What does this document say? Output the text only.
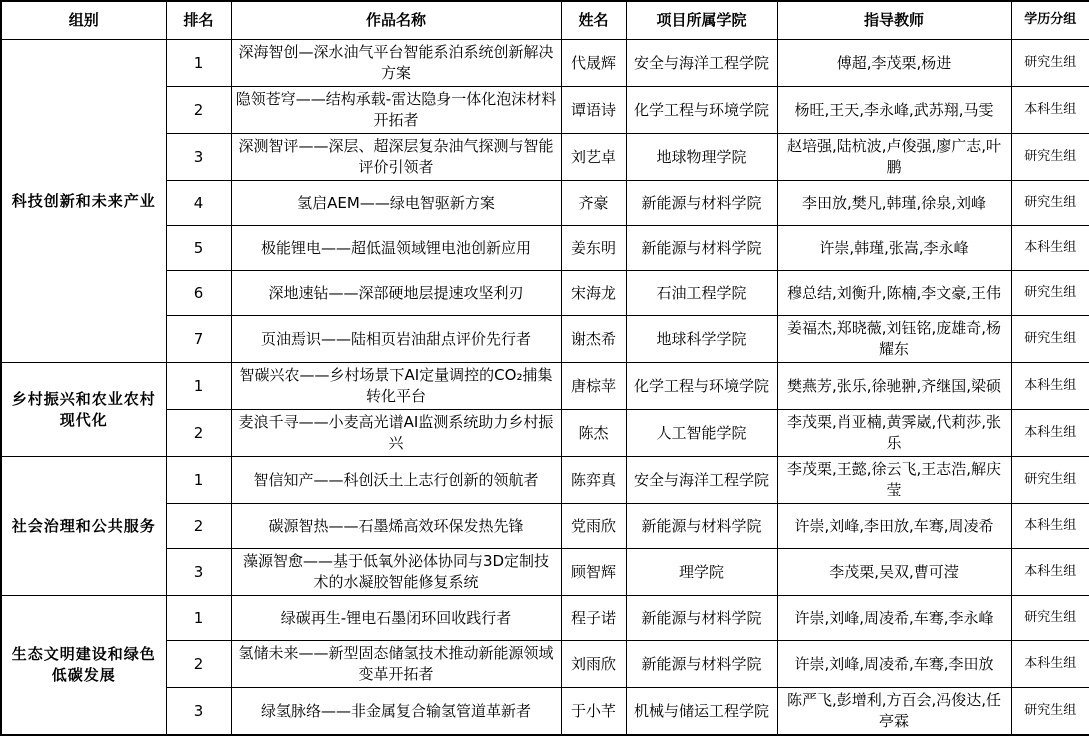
组别	排名	作品名称	姓名	项目所属学院	指导教师	学历分组
科技创新和未来产业	1	深海智创—深水油气平台智能系泊系统创新解决方案	代晟辉	安全与海洋工程学院	傅超,李茂栗,杨进	研究生组
	2	隐领苍穹——结构承载-雷达隐身一体化泡沫材料开拓者	谭语诗	化学工程与环境学院	杨旺,王天,李永峰,武苏翔,马雯	本科生组
	3	深测智评——深层、超深层复杂油气探测与智能评价引领者	刘艺卓	地球物理学院	赵培强,陆杭波,卢俊强,廖广志,叶鹏	研究生组
	4	氢启AEM——绿电智驱新方案	齐豪	新能源与材料学院	李田放,樊凡,韩瑾,徐泉,刘峰	研究生组
	5	极能锂电——超低温领域锂电池创新应用	姜东明	新能源与材料学院	许崇,韩瑾,张嵩,李永峰	本科生组
	6	深地速钻——深部硬地层提速攻坚利刃	宋海龙	石油工程学院	穆总结,刘衡升,陈楠,李文豪,王伟	研究生组
	7	页油焉识——陆相页岩油甜点评价先行者	谢杰希	地球科学学院	姜福杰,郑晓薇,刘钰铭,庞雄奇,杨耀东	研究生组
乡村振兴和农业农村现代化	1	智碳兴农——乡村场景下AI定量调控的CO₂捕集转化平台	唐棕苹	化学工程与环境学院	樊燕芳,张乐,徐驰翀,齐继国,梁硕	本科生组
	2	麦浪千寻——小麦高光谱AI监测系统助力乡村振兴	陈杰	人工智能学院	李茂栗,肖亚楠,黄霁崴,代莉莎,张乐	本科生组
社会治理和公共服务	1	智信知产——科创沃土上志行创新的领航者	陈弈真	安全与海洋工程学院	李茂栗,王懿,徐云飞,王志浩,解庆莹	研究生组
	2	碳源智热——石墨烯高效环保发热先锋	党雨欣	新能源与材料学院	许崇,刘峰,李田放,车骞,周凌希	本科生组
	3	藻源智愈——基于低氧外泌体协同与3D定制技术的水凝胶智能修复系统	顾智辉	理学院	李茂栗,吴双,曹可滢	本科生组
生态文明建设和绿色低碳发展	1	绿碳再生-锂电石墨闭环回收践行者	程子诺	新能源与材料学院	许崇,刘峰,周凌希,车骞,李永峰	研究生组
	2	氢储未来——新型固态储氢技术推动新能源领域变革开拓者	刘雨欣	新能源与材料学院	许崇,刘峰,周凌希,车骞,李田放	本科生组
	3	绿氢脉络——非金属复合输氢管道革新者	于小芊	机械与储运工程学院	陈严飞,彭增利,方百会,冯俊达,任亭霖	研究生组
